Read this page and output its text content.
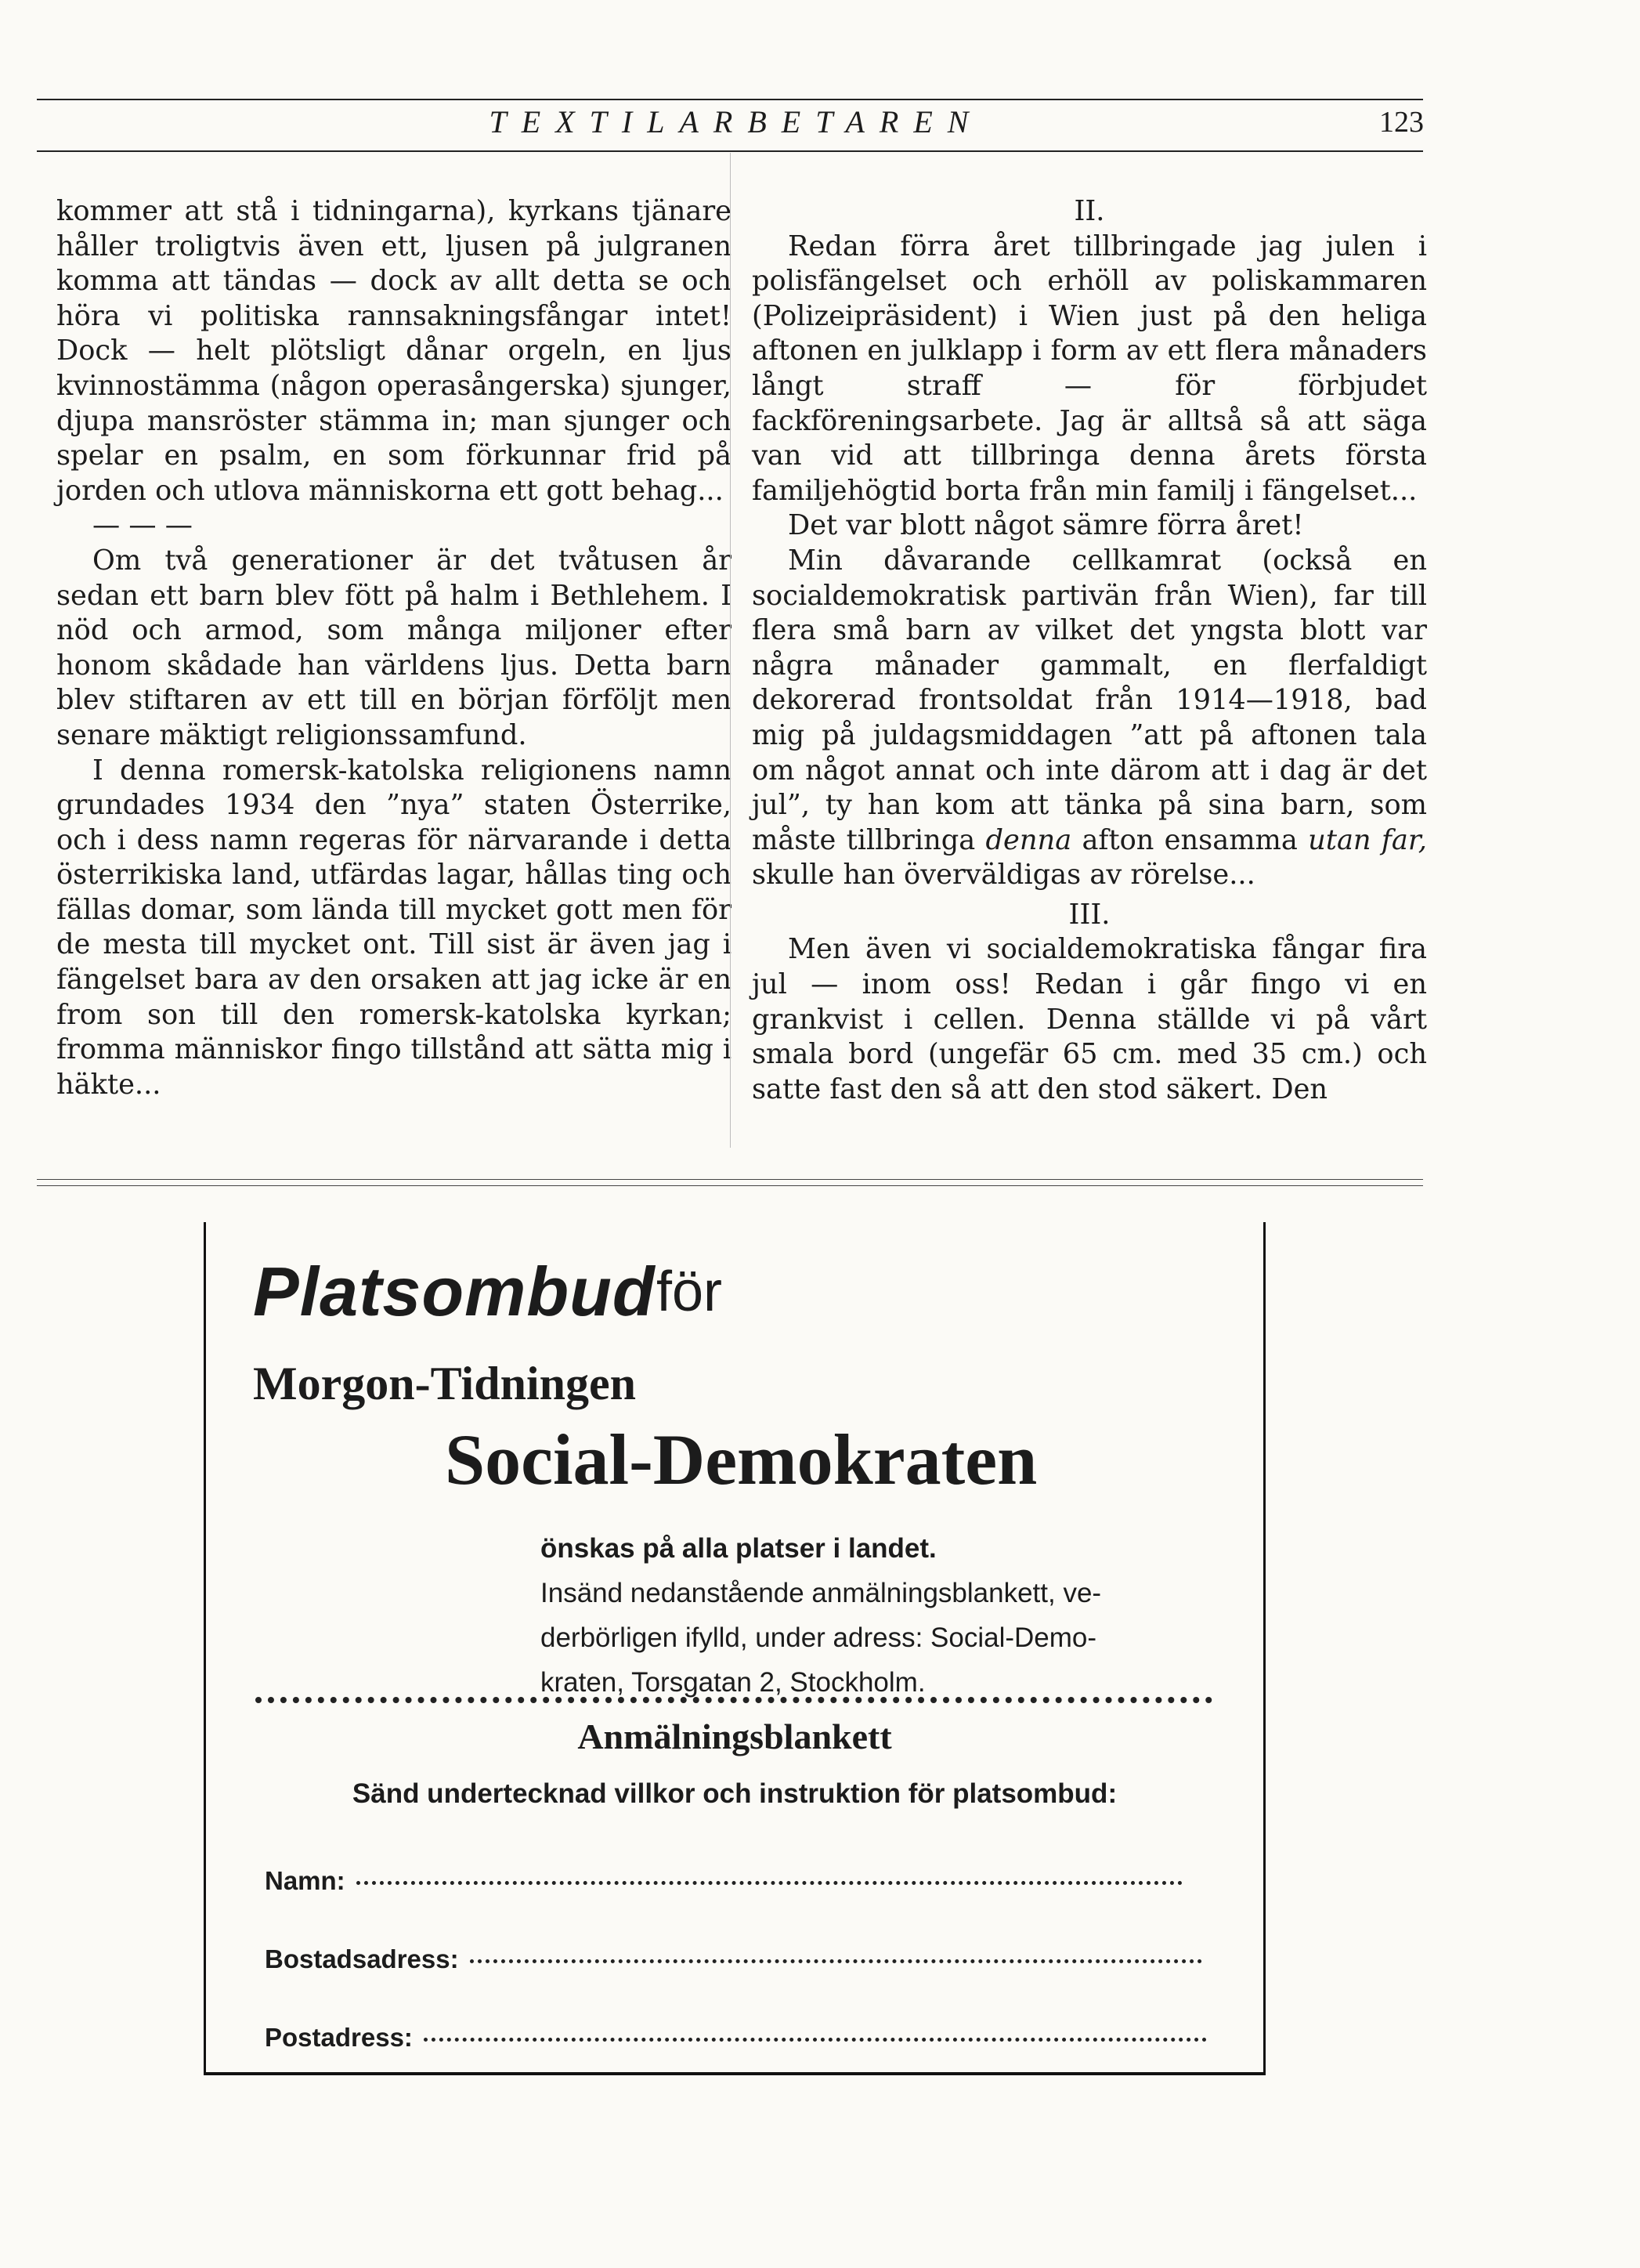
TEXTILARBETAREN	123

kommer att stå i tidningarna), kyrkans tjänare håller troligtvis även ett, ljusen på julgranen komma att tändas — dock av allt detta se och höra vi politiska rannsakningsfångar intet! Dock — helt plötsligt dånar orgeln, en ljus kvinnostämma (någon operasångerska) sjunger, djupa mansröster stämma in; man sjunger och spelar en psalm, en som förkunnar frid på jorden och utlova människorna ett gott behag...

— — —

Om två generationer är det tvåtusen år sedan ett barn blev fött på halm i Bethlehem. I nöd och armod, som många miljoner efter honom skådade han världens ljus. Detta barn blev stiftaren av ett till en början förföljt men senare mäktigt religionssamfund.

I denna romersk-katolska religionens namn grundades 1934 den ”nya” staten Österrike, och i dess namn regeras för närvarande i detta österrikiska land, utfärdas lagar, hållas ting och fällas domar, som lända till mycket gott men för de mesta till mycket ont. Till sist är även jag i fängelset bara av den orsaken att jag icke är en from son till den romersk-katolska kyrkan; fromma människor fingo tillstånd att sätta mig i häkte...

II.

Redan förra året tillbringade jag julen i polisfängelset och erhöll av poliskammaren (Polizeipräsident) i Wien just på den heliga aftonen en julklapp i form av ett flera månaders långt straff — för förbjudet fackföreningsarbete. Jag är alltså så att säga van vid att tillbringa denna årets första familjehögtid borta från min familj i fängelset...

Det var blott något sämre förra året!

Min dåvarande cellkamrat (också en socialdemokratisk partivän från Wien), far till flera små barn av vilket det yngsta blott var några månader gammalt, en flerfaldigt dekorerad frontsoldat från 1914—1918, bad mig på juldagsmiddagen ”att på aftonen tala om något annat och inte därom att i dag är det jul”, ty han kom att tänka på sina barn, som måste tillbringa denna afton ensamma utan far, skulle han överväldigas av rörelse...

III.

Men även vi socialdemokratiska fångar fira jul — inom oss! Redan i går fingo vi en grankvist i cellen. Denna ställde vi på vårt smala bord (ungefär 65 cm. med 35 cm.) och satte fast den så att den stod säkert. Den

Platsombud för
Morgon-Tidningen
Social-Demokraten

önskas på alla platser i landet.

Insänd nedanstående anmälningsblankett, ve-

derbörligen ifylld, under adress: Social-Demo-

kraten, Torsgatan 2, Stockholm.

Anmälningsblankett
Sänd undertecknad villkor och instruktion för platsombud:
Namn:
Bostadsadress:
Postadress:
